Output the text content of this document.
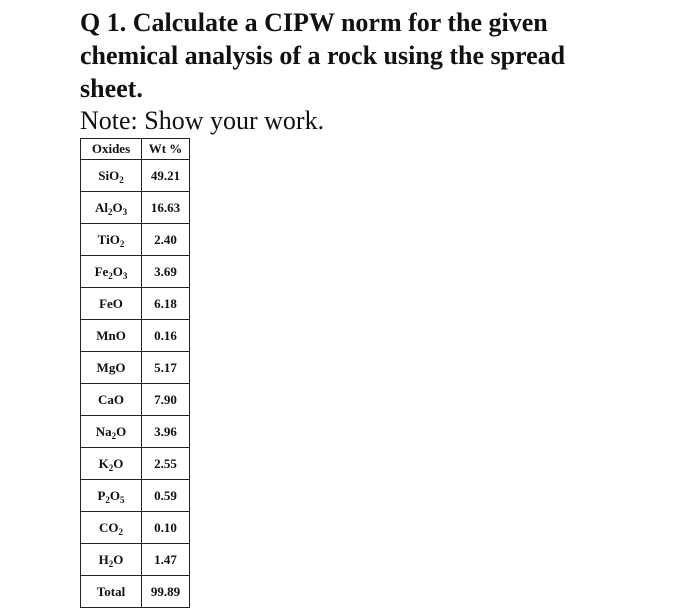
Q 1. Calculate a CIPW norm for the given
chemical analysis of a rock using the spread
sheet.
Note: Show your work.
Oxides	Wt %
SiO$_2$	49.21
$Al_2O_3$	16.63
TiO$_2$	2.40
$Fe_2O_3$	3.69
FeO	6.18
MnO	0.16
MgO	5.17
CaO	7.90
$Na_2O$	3.96
$K_2O$	2.55
$P_2O_5$	0.59
$CO_2$	0.10
$H_2O$	1.47
Total	99.89
